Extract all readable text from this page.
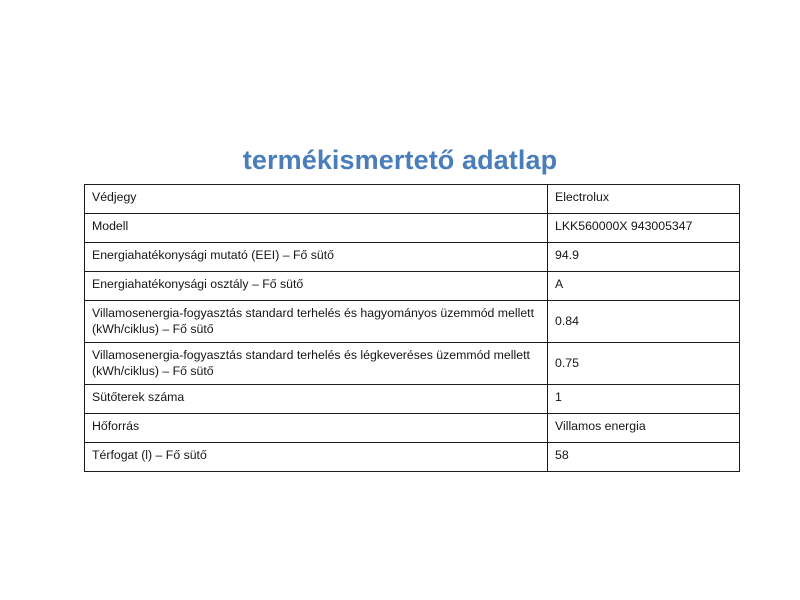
termékismertető adatlap
Védjegy	Electrolux

Modell	LKK560000X 943005347

Energiahatékonysági mutató (EEI) – Fő sütő	94.9

Energiahatékonysági osztály – Fő sütő	A

Villamosenergia-fogyasztás standard terhelés és hagyományos üzemmód mellett (kWh/ciklus) – Fő sütő	0.84

Villamosenergia-fogyasztás standard terhelés és légkeveréses üzemmód mellett (kWh/ciklus) – Fő sütő	0.75

Sütőterek száma	1

Hőforrás	Villamos energia

Térfogat (l) – Fő sütő	58
